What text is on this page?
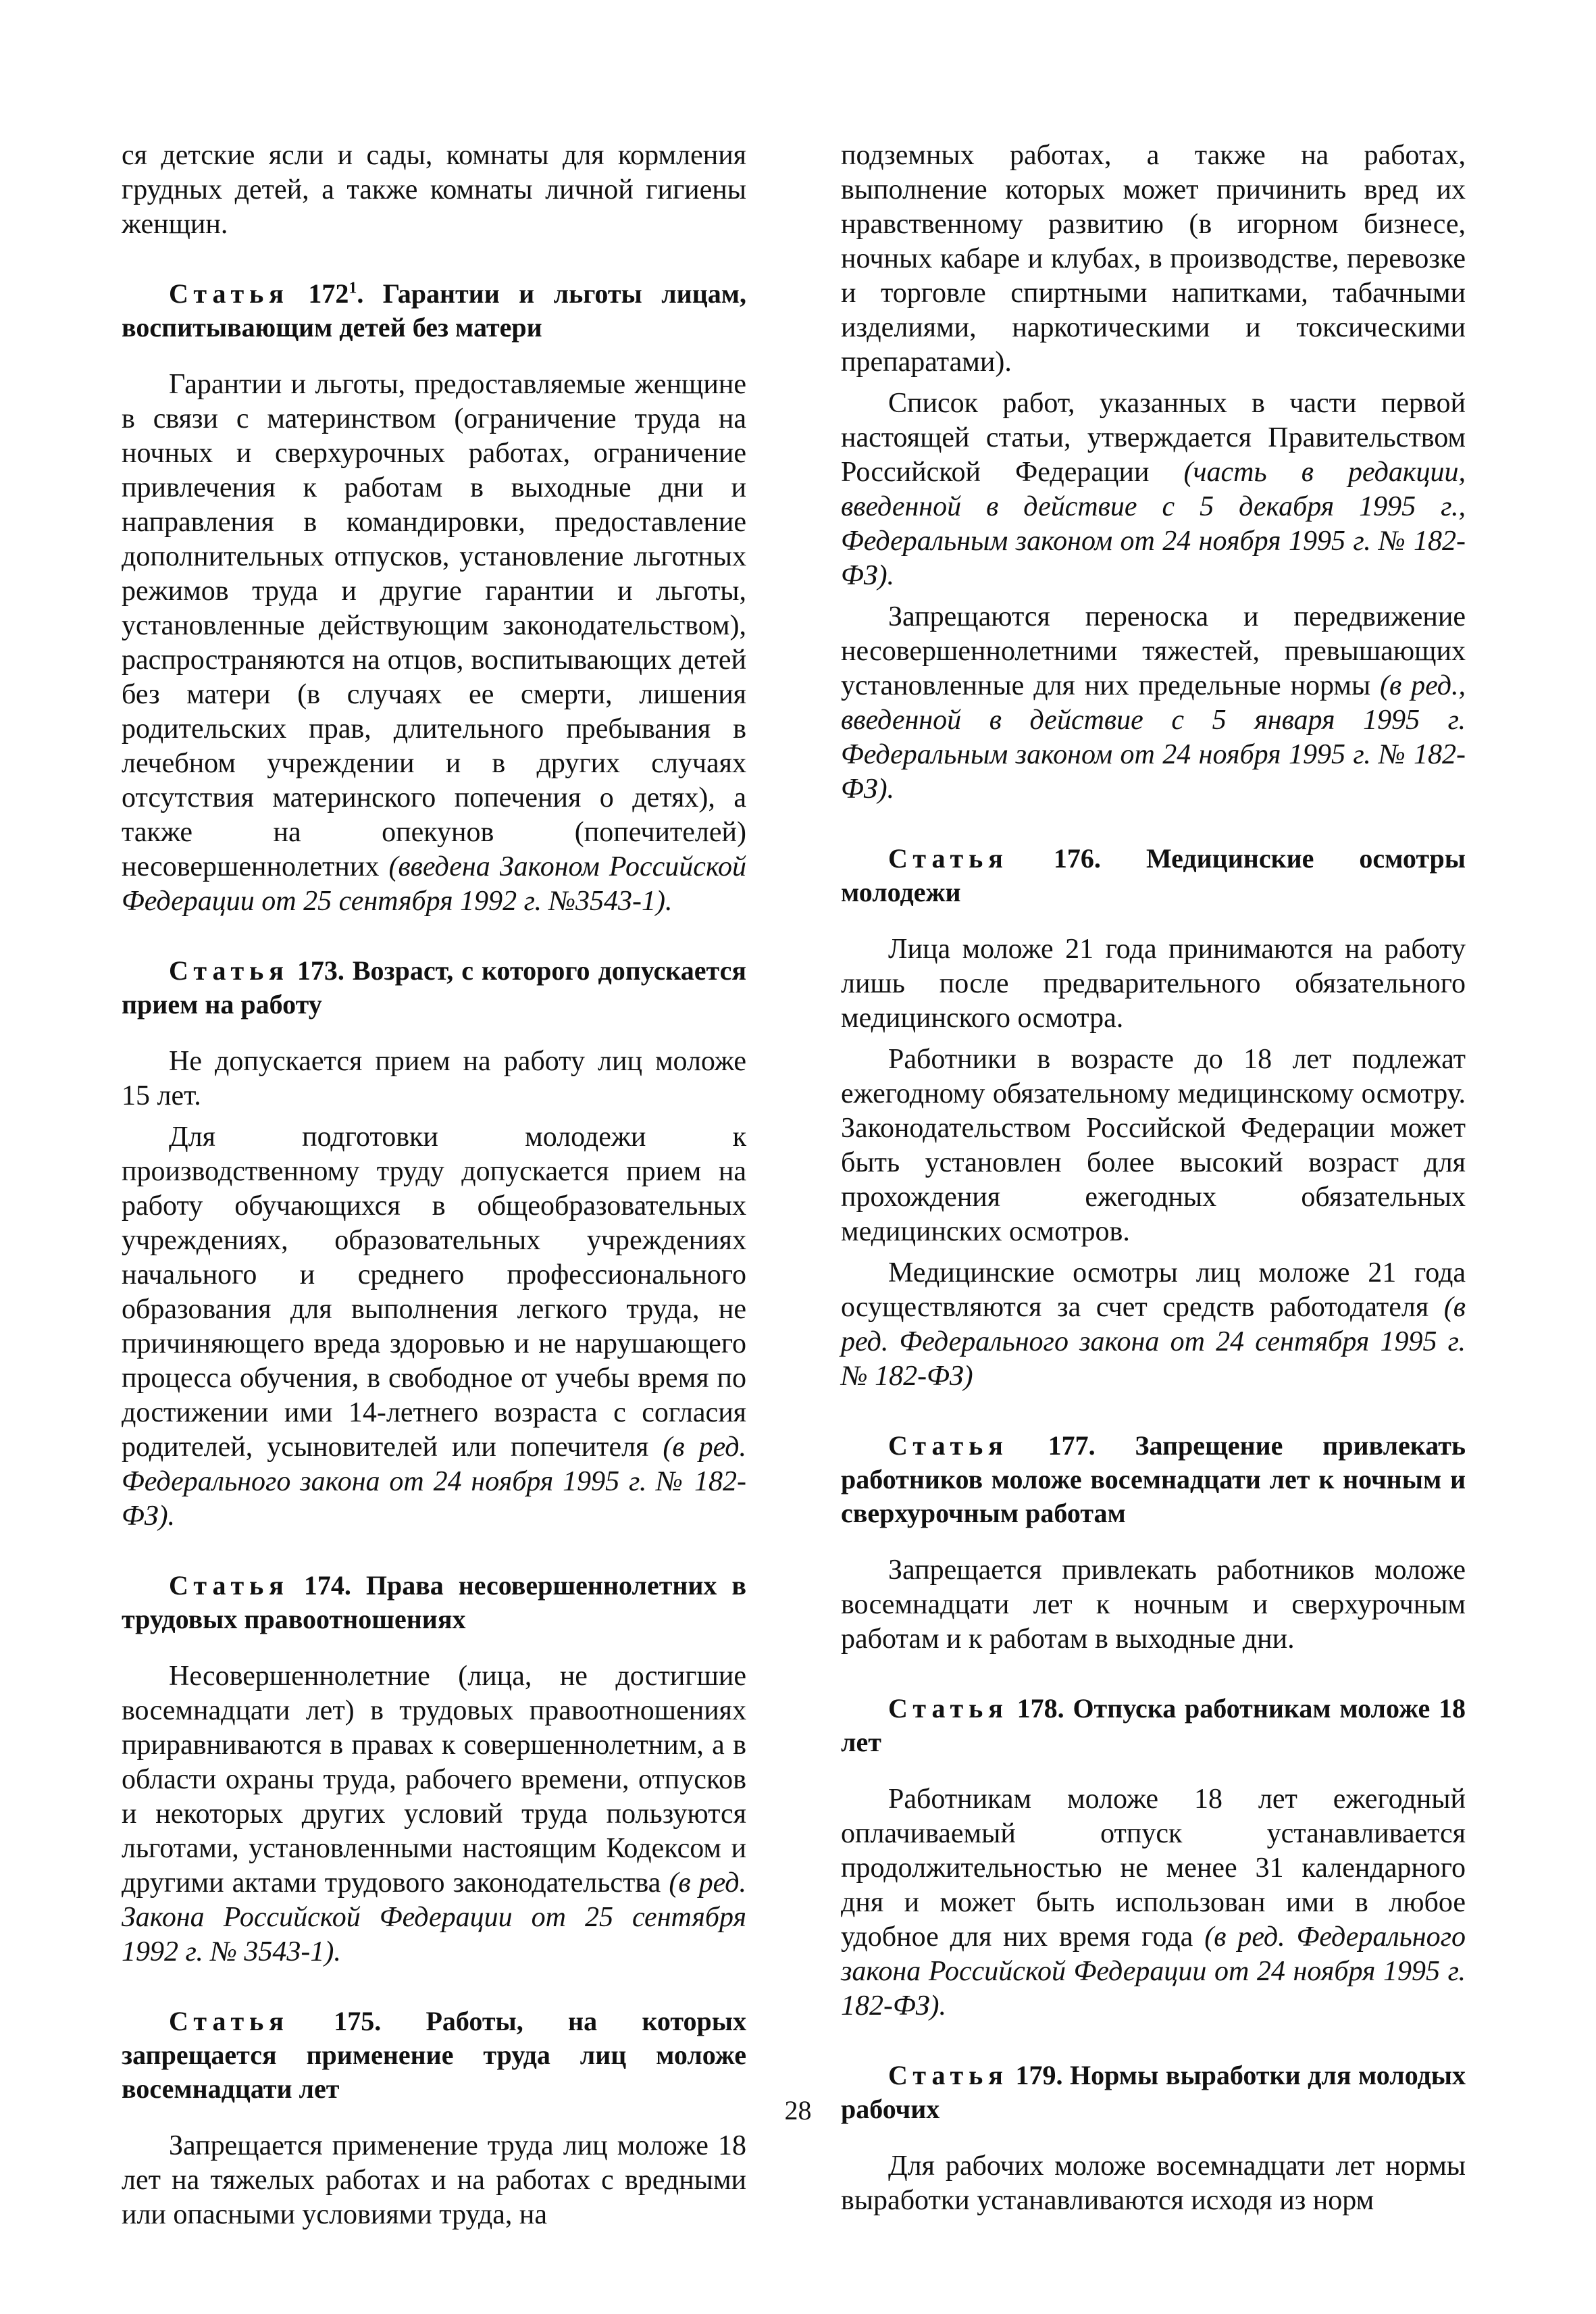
ся детские ясли и сады, комнаты для кормления грудных детей, а также комнаты личной гигиены женщин.

Статья $172^1$. Гарантии и льготы лицам, воспитывающим детей без матери

Гарантии и льготы, предоставляемые женщине в связи с материнством (ограничение труда на ночных и сверхурочных работах, ограничение привлечения к работам в выходные дни и направления в командировки, предоставление дополнительных отпусков, установление льготных режимов труда и другие гарантии и льготы, установленные действующим законодательством), распространяются на отцов, воспитывающих детей без матери (в случаях ее смерти, лишения родительских прав, длительного пребывания в лечебном учреждении и в других случаях отсутствия материнского попечения о детях), а также на опекунов (попечителей) несовершеннолетних (введена Законом Российской Федерации от 25 сентября 1992 г. №3543-1).

Статья 173. Возраст, с которого допускается прием на работу

Не допускается прием на работу лиц моложе 15 лет.

Для подготовки молодежи к производственному труду допускается прием на работу обучающихся в общеобразовательных учреждениях, образовательных учреждениях начального и среднего профессионального образования для выполнения легкого труда, не причиняющего вреда здоровью и не нарушающего процесса обучения, в свободное от учебы время по достижении ими 14-летнего возраста с согласия родителей, усыновителей или попечителя (в ред. Федерального закона от 24 ноября 1995 г. № 182-ФЗ).

Статья 174. Права несовершеннолетних в трудовых правоотношениях

Несовершеннолетние (лица, не достигшие восемнадцати лет) в трудовых правоотношениях приравниваются в правах к совершеннолетним, а в области охраны труда, рабочего времени, отпусков и некоторых других условий труда пользуются льготами, установленными настоящим Кодексом и другими актами трудового законодательства (в ред. Закона Российской Федерации от 25 сентября 1992 г. № 3543-1).

Статья 175. Работы, на которых запрещается применение труда лиц моложе восемнадцати лет

Запрещается применение труда лиц моложе 18 лет на тяжелых работах и на работах с вредными или опасными условиями труда, на

подземных работах, а также на работах, выполнение которых может причинить вред их нравственному развитию (в игорном бизнесе, ночных кабаре и клубах, в производстве, перевозке и торговле спиртными напитками, табачными изделиями, наркотическими и токсическими препаратами).

Список работ, указанных в части первой настоящей статьи, утверждается Правительством Российской Федерации (часть в редакции, введенной в действие с 5 декабря 1995 г., Федеральным законом от 24 ноября 1995 г. № 182-ФЗ).

Запрещаются переноска и передвижение несовершеннолетними тяжестей, превышающих установленные для них предельные нормы (в ред., введенной в действие с 5 января 1995 г. Федеральным законом от 24 ноября 1995 г. № 182-ФЗ).

Статья 176. Медицинские осмотры молодежи

Лица моложе 21 года принимаются на работу лишь после предварительного обязательного медицинского осмотра.

Работники в возрасте до 18 лет подлежат ежегодному обязательному медицинскому осмотру. Законодательством Российской Федерации может быть установлен более высокий возраст для прохождения ежегодных обязательных медицинских осмотров.

Медицинские осмотры лиц моложе 21 года осуществляются за счет средств работодателя (в ред. Федерального закона от 24 сентября 1995 г. № 182-ФЗ)

Статья 177. Запрещение привлекать работников моложе восемнадцати лет к ночным и сверхурочным работам

Запрещается привлекать работников моложе восемнадцати лет к ночным и сверхурочным работам и к работам в выходные дни.

Статья 178. Отпуска работникам моложе 18 лет

Работникам моложе 18 лет ежегодный оплачиваемый отпуск устанавливается продолжительностью не менее 31 календарного дня и может быть использован ими в любое удобное для них время года (в ред. Федерального закона Российской Федерации от 24 ноября 1995 г. 182-ФЗ).

Статья 179. Нормы выработки для молодых рабочих

Для рабочих моложе восемнадцати лет нормы выработки устанавливаются исходя из норм

28
